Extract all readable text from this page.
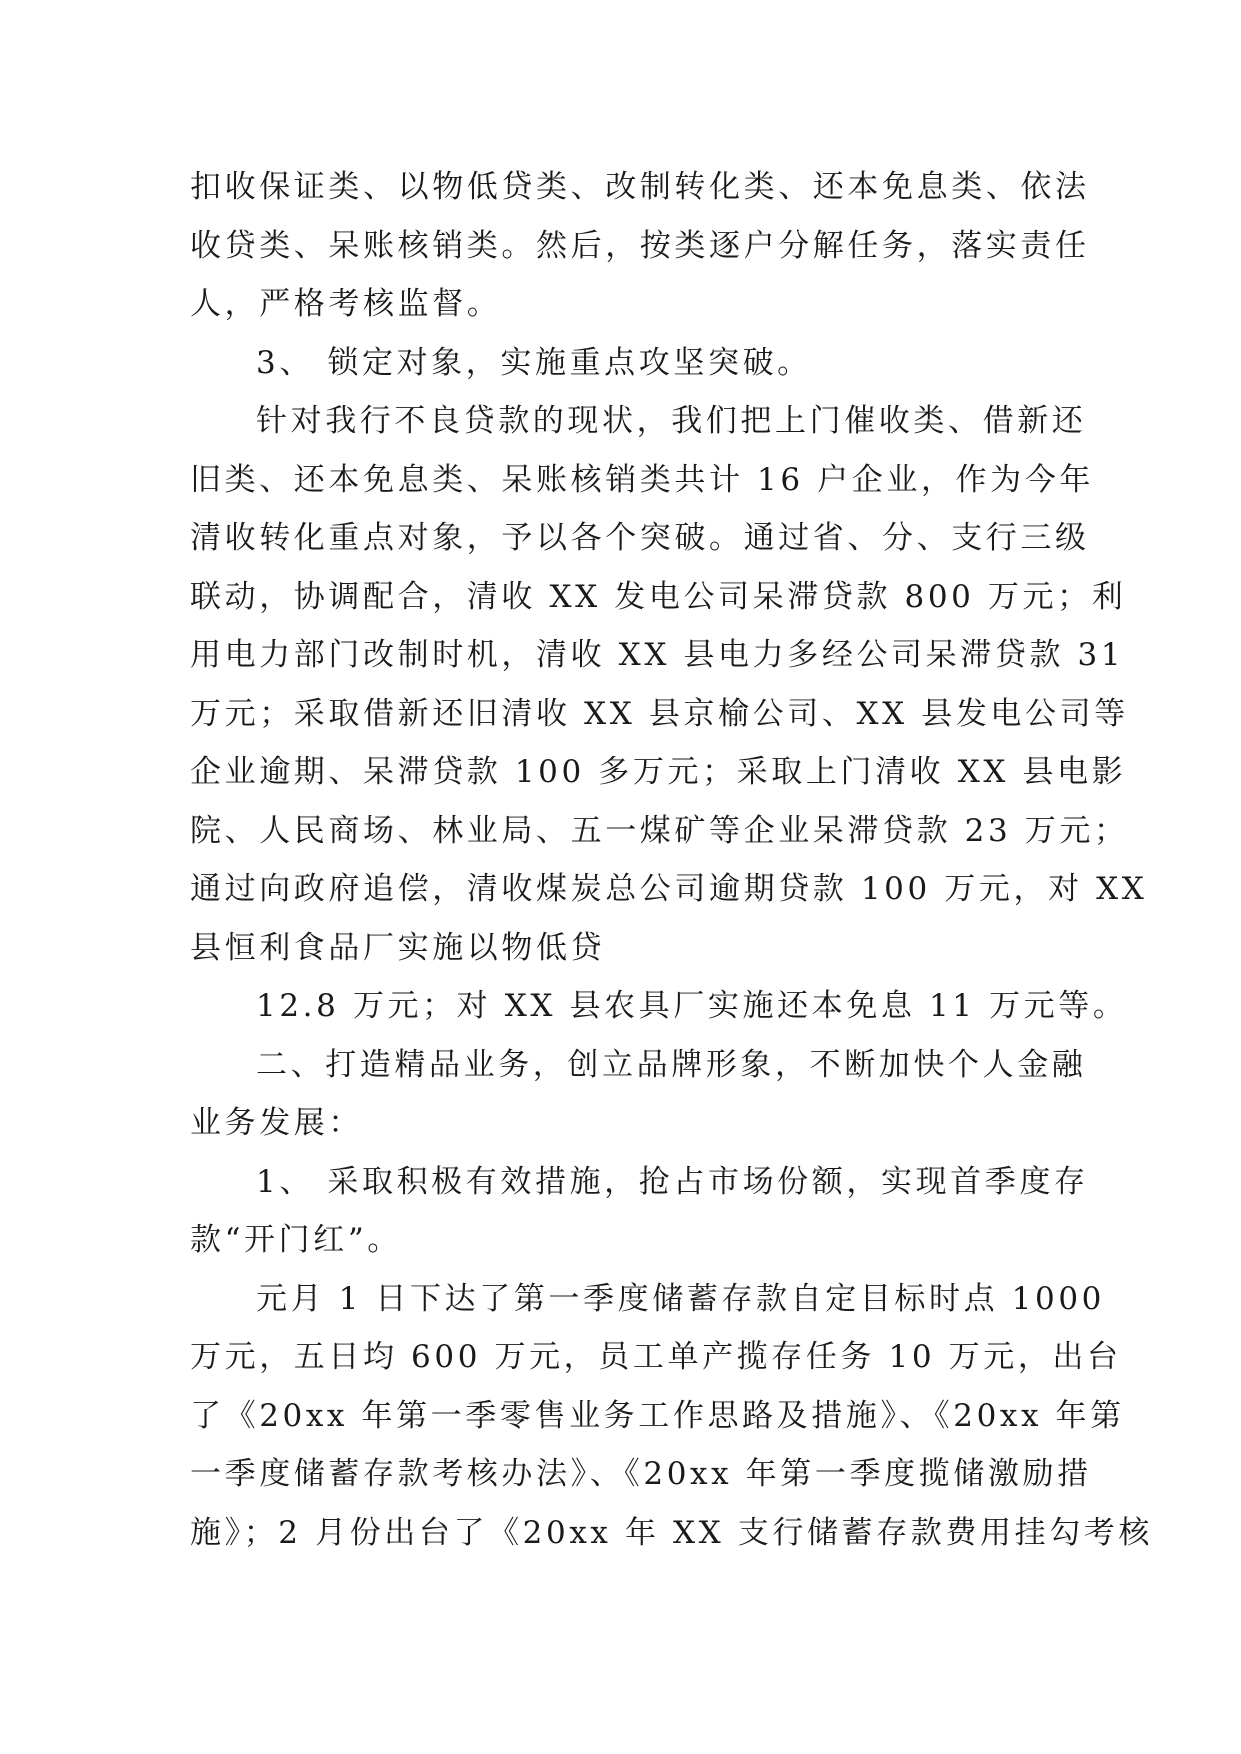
扣收保证类、以物低贷类、改制转化类、还本免息类、依法
收贷类、呆账核销类。然后，按类逐户分解任务，落实责任
人，严格考核监督。
3、 锁定对象，实施重点攻坚突破。
针对我行不良贷款的现状，我们把上门催收类、借新还
旧类、还本免息类、呆账核销类共计 16 户企业，作为今年
清收转化重点对象，予以各个突破。通过省、分、支行三级
联动，协调配合，清收 XX 发电公司呆滞贷款 800 万元；利
用电力部门改制时机，清收 XX 县电力多经公司呆滞贷款 31
万元；采取借新还旧清收 XX 县京榆公司、XX 县发电公司等
企业逾期、呆滞贷款 100 多万元；采取上门清收 XX 县电影
院、人民商场、林业局、五一煤矿等企业呆滞贷款 23 万元；
通过向政府追偿，清收煤炭总公司逾期贷款 100 万元，对 XX
县恒利食品厂实施以物低贷
12.8 万元；对 XX 县农具厂实施还本免息 11 万元等。
二、打造精品业务，创立品牌形象，不断加快个人金融
业务发展：
1、 采取积极有效措施，抢占市场份额，实现首季度存
款“开门红”。
元月 1 日下达了第一季度储蓄存款自定目标时点 1000
万元，五日均 600 万元，员工单产揽存任务 10 万元，出台
了《20xx 年第一季零售业务工作思路及措施》、《20xx 年第
一季度储蓄存款考核办法》、《20xx 年第一季度揽储激励措
施》；2 月份出台了《20xx 年 XX 支行储蓄存款费用挂勾考核
